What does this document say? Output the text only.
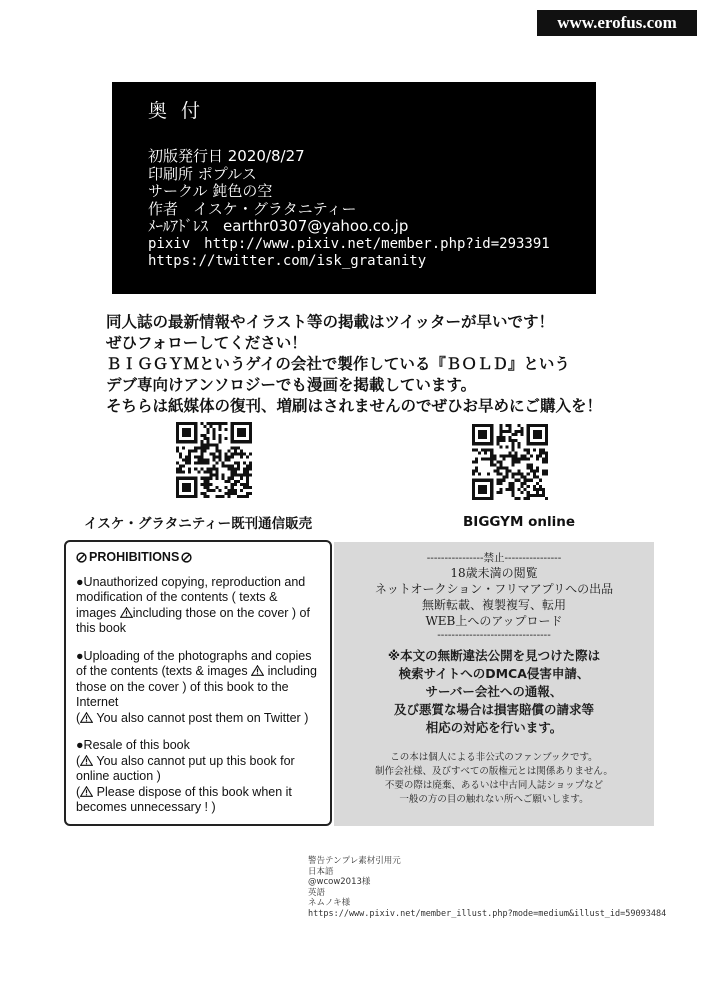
www.erofus.com
奥付
初版発行日 2020/8/27
印刷所 ポプルス
サークル 鈍色の空
作者　イスケ・グラタニティー
ﾒｰﾙｱﾄﾞﾚｽ　earthr0307@yahoo.co.jp
pixiv　http://www.pixiv.net/member.php?id=293391
https://twitter.com/isk_gratanity
同人誌の最新情報やイラスト等の掲載はツイッターが早いです！
ぜひフォローしてください！
ＢＩＧＧＹＭというゲイの会社で製作している『ＢＯＬＤ』という
デブ専向けアンソロジーでも漫画を掲載しています。
そちらは紙媒体の復刊、増刷はされませんのでぜひお早めにご購入を！
イスケ・グラタニティー既刊通信販売	BIGGYM online
PROHIBITIONS

●Unauthorized copying, reproduction and modification of the contents ( texts & images including those on the cover ) of this book

●Uploading of the photographs and copies of the contents (texts & images  including those on the cover ) of this book to the Internet

( You also cannot post them on Twitter )

●Resale of this book

( You also cannot put up this book for online auction )

( Please dispose of this book when it becomes unnecessary ! )

----------------禁止----------------
18歳未満の閲覧
ネットオークション・フリマアプリへの出品
無断転載、複製複写、転用
WEB上へのアップロード
--------------------------------
※本文の無断違法公開を見つけた際は
検索サイトへのDMCA侵害申請、
サーバー会社への通報、
及び悪質な場合は損害賠償の請求等
相応の対応を行います。
この本は個人による非公式のファンブックです。
制作会社様、及びすべての版権元とは関係ありません。
不要の際は廃棄、あるいは中古同人誌ショップなど
一般の方の目の触れない所へご願いします。
警告テンプレ素材引用元
日本語
@wcow2013様
英語
ネムノキ様
https://www.pixiv.net/member_illust.php?mode=medium&illust_id=59093484
